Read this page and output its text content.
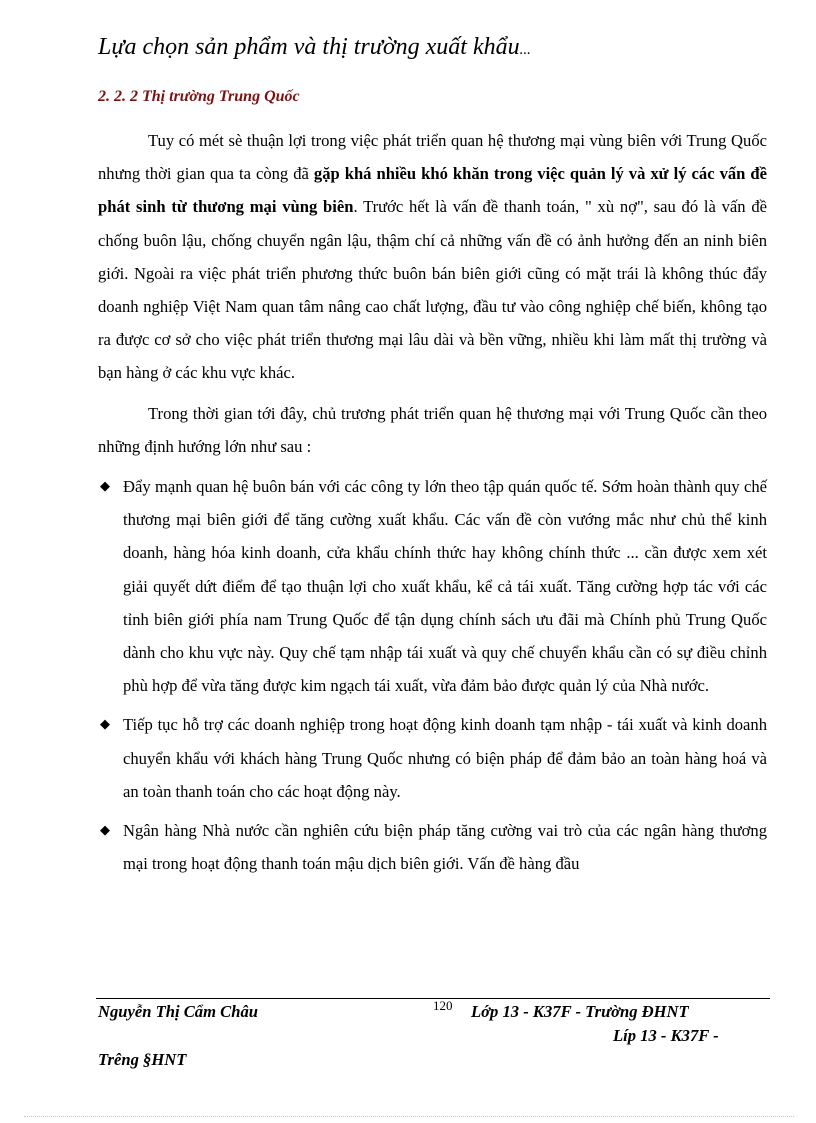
Lựa chọn sản phẩm và thị trường xuất khẩu...
2. 2. 2 Thị trường Trung Quốc

Tuy có mét sè thuận lợi trong việc phát triển quan hệ thương mại vùng biên với Trung Quốc nhưng thời gian qua ta còng đã gặp khá nhiều khó khăn trong việc quản lý và xử lý các vấn đề phát sinh từ thương mại vùng biên. Trước hết là vấn đề thanh toán, " xù nợ", sau đó là vấn đề chống buôn lậu, chống chuyển ngân lậu, thậm chí cả những vấn đề có ảnh hưởng đến an ninh biên giới. Ngoài ra việc phát triển phương thức buôn bán biên giới cũng có mặt trái là không thúc đẩy doanh nghiệp Việt Nam quan tâm nâng cao chất lượng, đầu tư vào công nghiệp chế biến, không tạo ra được cơ sở cho việc phát triển thương mại lâu dài và bền vững, nhiều khi làm mất thị trường và bạn hàng ở các khu vực khác.

Trong thời gian tới đây, chủ trương phát triển quan hệ thương mại với Trung Quốc cần theo những định hướng lớn như sau :

◆ Đẩy mạnh quan hệ buôn bán với các công ty lớn theo tập quán quốc tế. Sớm hoàn thành quy chế thương mại biên giới để tăng cường xuất khẩu. Các vấn đề còn vướng mắc như chủ thể kinh doanh, hàng hóa kinh doanh, cửa khẩu chính thức hay không chính thức ... cần được xem xét giải quyết dứt điểm để tạo thuận lợi cho xuất khẩu, kể cả tái xuất. Tăng cường hợp tác với các tỉnh biên giới phía nam Trung Quốc để tận dụng chính sách ưu đãi mà Chính phủ Trung Quốc dành cho khu vực này. Quy chế tạm nhập tái xuất và quy chế chuyển khẩu cần có sự điều chỉnh phù hợp để vừa tăng được kim ngạch tái xuất, vừa đảm bảo được quản lý của Nhà nước.
◆ Tiếp tục hỗ trợ các doanh nghiệp trong hoạt động kinh doanh tạm nhập - tái xuất và kinh doanh chuyển khẩu với khách hàng Trung Quốc nhưng có biện pháp để đảm bảo an toàn hàng hoá và an toàn thanh toán cho các hoạt động này.
◆ Ngân hàng Nhà nước cần nghiên cứu biện pháp tăng cường vai trò của các ngân hàng thương mại trong hoạt động thanh toán mậu dịch biên giới. Vấn đề hàng đầu
Nguyễn Thị Cẩm Châu	120 Lớp 13 - K37F - Trường ĐHNT
Líp 13 - K37F -
Trêng §HNT
